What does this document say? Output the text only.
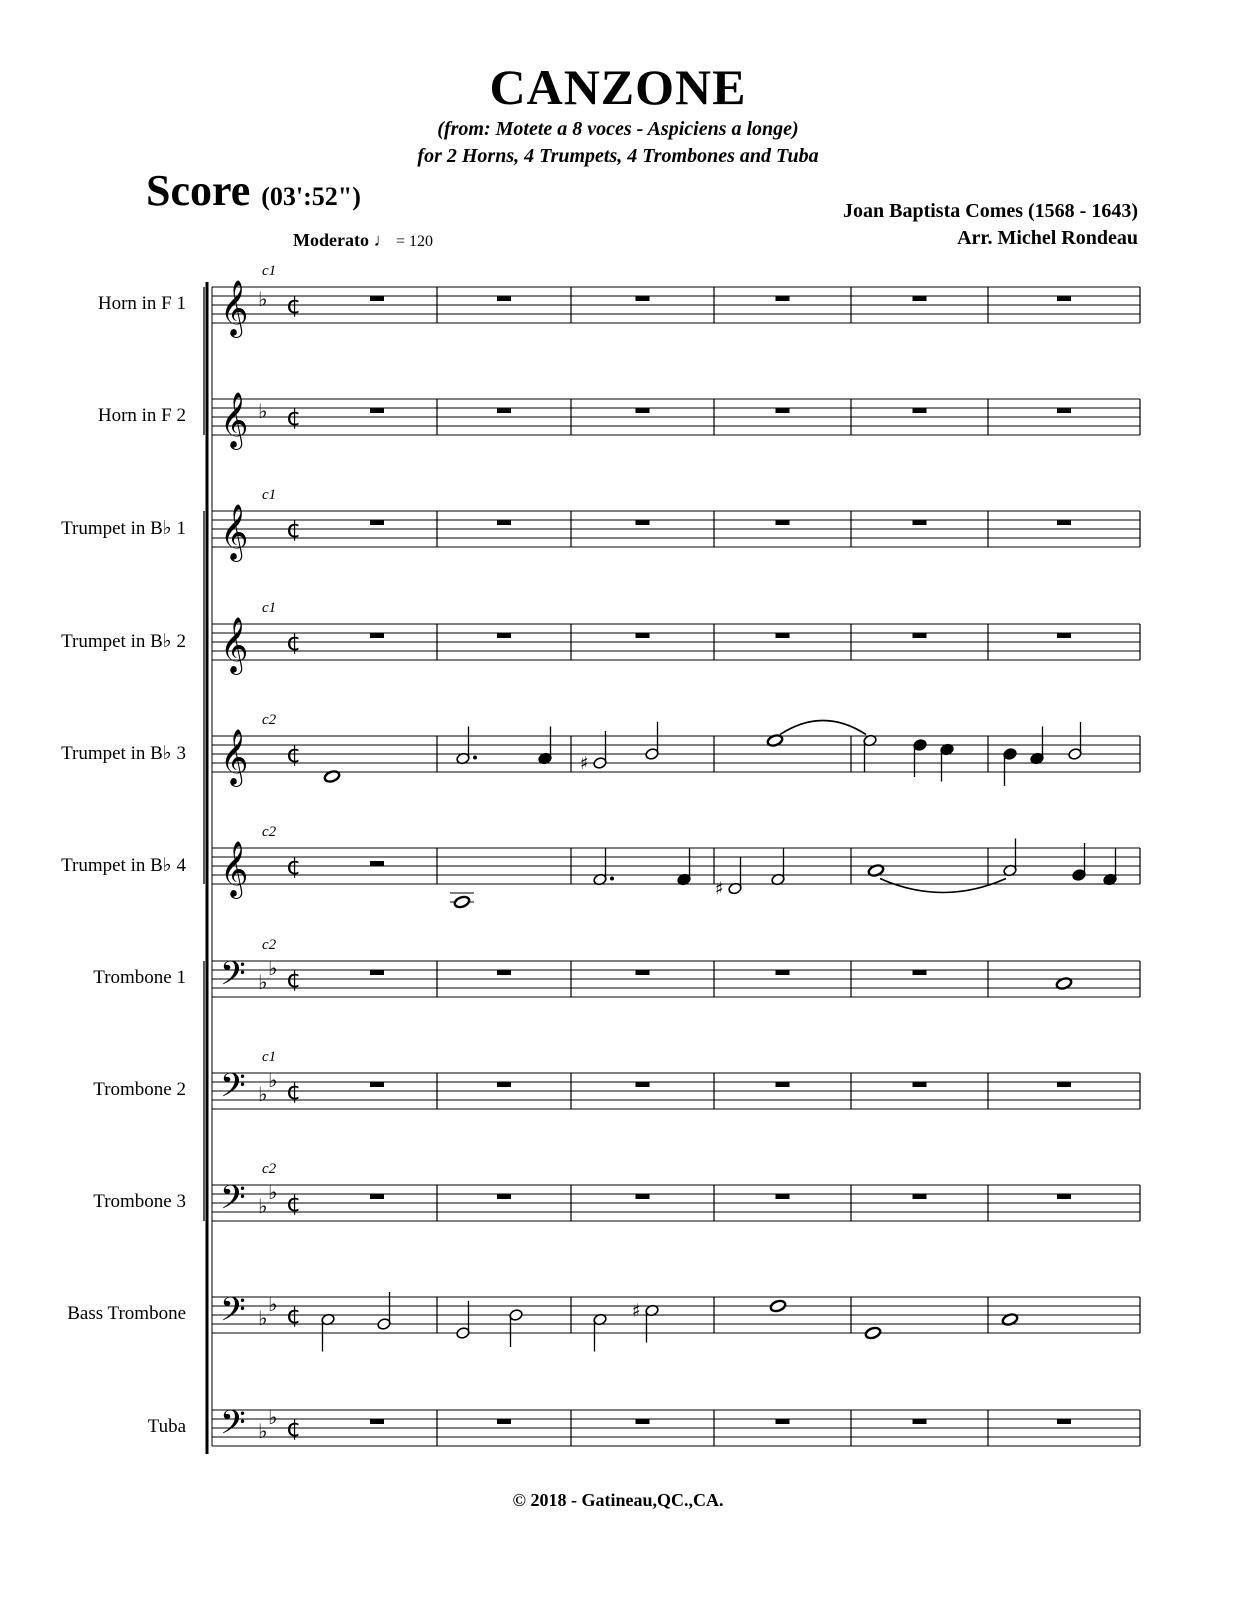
CANZONE
(from: Motete a 8 voces - Aspiciens a longe)
for 2 Horns, 4 Trumpets, 4 Trombones and Tuba
Score (03':52")	Joan Baptista Comes (1568 - 1643)
Arr. Michel Rondeau
Moderato ♩ = 120
Horn in F 1
Horn in F 2
Trumpet in B♭ 1
Trumpet in B♭ 2
Trumpet in B♭ 3
Trumpet in B♭ 4
Trombone 1
Trombone 2
Trombone 3
Bass Trombone
Tuba
𝄞 ♭ ¢
c1
𝄞 ♭ ¢
𝄞 ¢
c1
𝄞 ¢
c1
𝄞 ¢
c2
𝄞 ¢
c2
𝄢 ♭
♭ ¢
c2
𝄢 ♭
♭ ¢
c1
𝄢 ♭
♭ ¢
c2
𝄢 ♭
♭ ¢
𝄢 ♭
♭ ¢
♯
♯
♯
© 2018 - Gatineau,QC.,CA.
